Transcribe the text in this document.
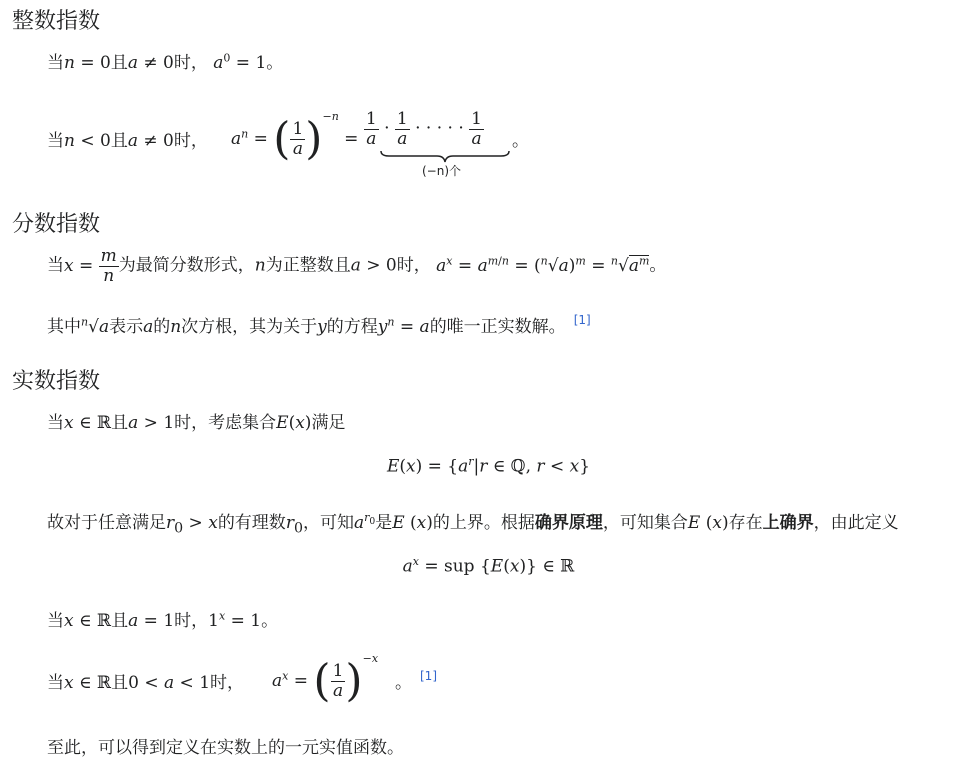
整数指数
当n = 0且a ≠ 0时， $a^0 = 1$。
当n < 0且a ≠ 0时， $a^n$ = ( $\frac{1}{a} )^{-n} = \frac{1}{a} \cdot \frac{1}{a}$ · · · · · $\frac{1}{a}$ 。
(−n)个
分数指数
当$x = \frac{m}{n}$ 为最简分数形式，n为正整数且a > 0时， $a^x = a^{m/n} = (^n√a)^m = ^n√a^m$。
其中$^n$√a表示a的n次方根，其为关于y的方程$y^n = a$的唯一正实数解。 [1]
实数指数
当x ∈ ℝ且a > 1时，考虑集合E(x)满足
$E(x) = \{a^r|r$ ∈ ℚ, r < x}
故对于任意满足$r_0 > x$的有理数$r_0$，可知$a^{r_0}$是E (x)的上界。根据确界原理，可知集合E (x)存在上确界，由此定义
$a^x$ = sup {E(x)} ∈ ℝ
当x ∈ ℝ且a = 1时，$1^x = 1$。
当x ∈ ℝ且0 < a < 1时， $a^x$ = ( $\frac{1}{a} )^{-x}$
。 [1]
至此，可以得到定义在实数上的一元实值函数。
